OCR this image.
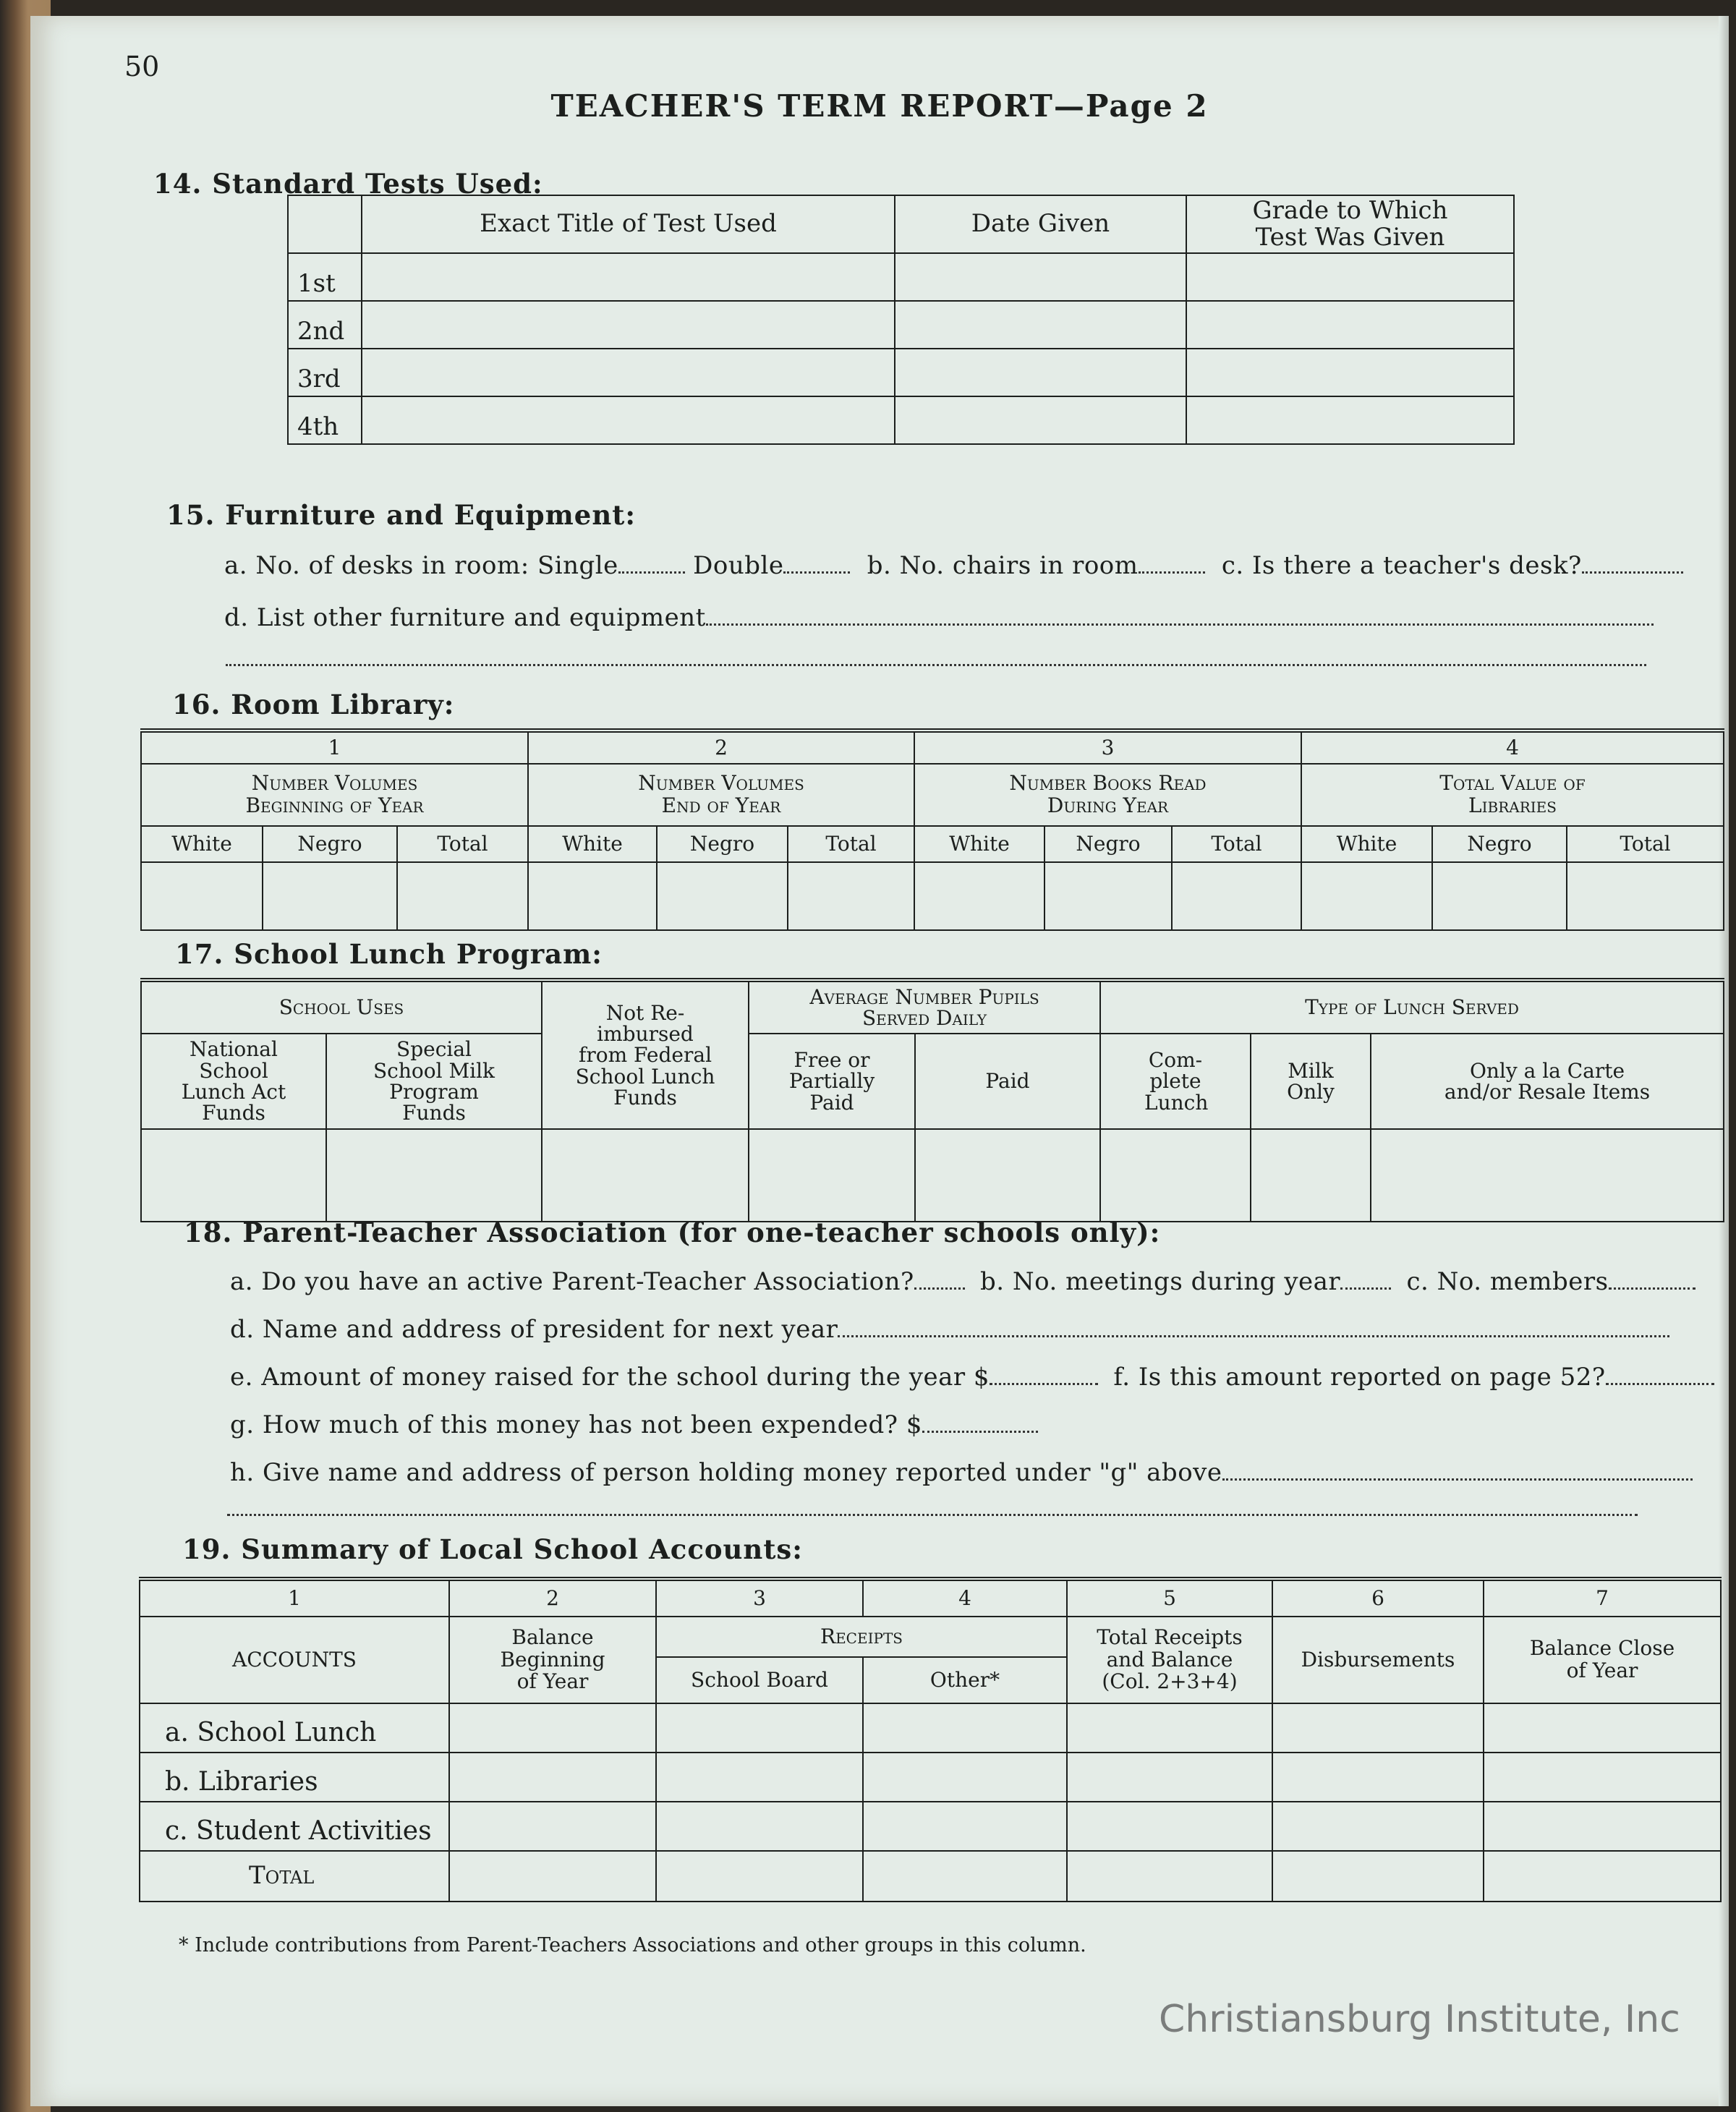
50
TEACHER'S TERM REPORT—Page 2
14. Standard Tests Used:
	Exact Title of Test Used	Date Given	Grade to Which Test Was Given
1st			
2nd			
3rd			
4th			
15. Furniture and Equipment:
a. No. of desks in room: Single	Double	b. No. chairs in room	c. Is there a teacher's desk?
d. List other furniture and equipment
16. Room Library:
1			2			3			4		
Number Volumes Beginning of Year			Number Volumes End of Year			Number Books Read During Year			Total Value of Libraries		
White	Negro	Total	White	Negro	Total	White	Negro	Total	White	Negro	Total

17. School Lunch Program:
School Uses		Not Re-imbursed from Federal School Lunch Funds	Average Number Pupils Served Daily		Type of Lunch Served		
National School Lunch Act Funds	Special School Milk Program Funds		Free or Partially Paid	Paid	Com-plete Lunch	Milk Only	Only a la Carte and/or Resale Items

18. Parent-Teacher Association (for one-teacher schools only):
a. Do you have an active Parent-Teacher Association?	b. No. meetings during year	c. No. members
d. Name and address of president for next year
e. Amount of money raised for the school during the year $	f. Is this amount reported on page 52?
g. How much of this money has not been expended? $
h. Give name and address of person holding money reported under "g" above
19. Summary of Local School Accounts:
1	2	3	4	5	6	7
ACCOUNTS	Balance Beginning of Year	Receipts		Total Receipts and Balance (Col. 2+3+4)	Disbursements	Balance Close of Year
		School Board	Other*			
a. School Lunch						
b. Libraries						
c. Student Activities						
Total						
* Include contributions from Parent-Teachers Associations and other groups in this column.
Christiansburg Institute, Inc
